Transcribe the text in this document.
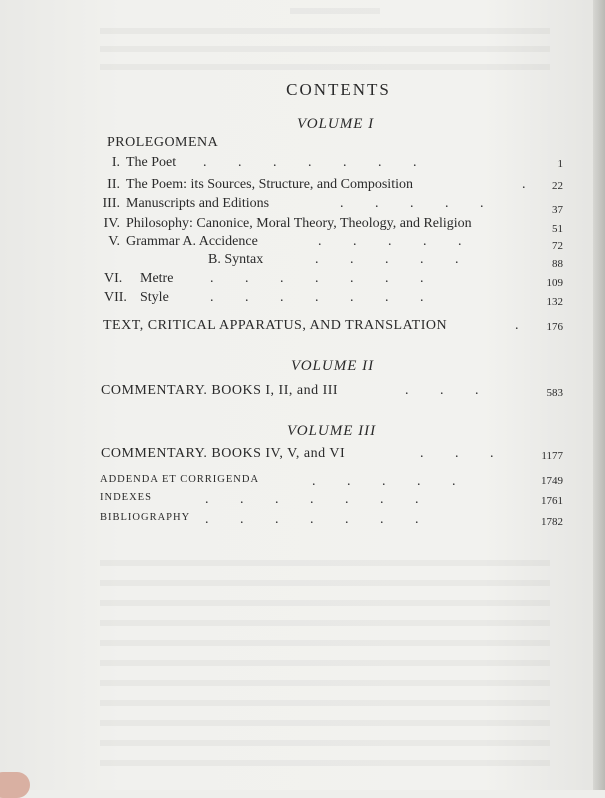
CONTENTS
VOLUME I
PROLEGOMENA
I. The Poet .         .         .         .         .         .         .	1
II. The Poem: its Sources, Structure, and Composition	.	22
III. Manuscripts and Editions	.         .         .         .         .	37
IV. Philosophy: Canonice, Moral Theory, Theology, and Religion	51
V. Grammar A. Accidence	.         .         .         .         .	72
B. Syntax	.         .         .         .         .	88
VI. Metre	.         .         .         .         .         .         .	109
VII. Style	.         .         .         .         .         .         .	132
TEXT, CRITICAL APPARATUS, AND TRANSLATION	.	176
VOLUME II
COMMENTARY. BOOKS I, II, and III	.         .         .	583
VOLUME III
COMMENTARY. BOOKS IV, V, and VI	.         .         .	1177
ADDENDA ET CORRIGENDA	.         .         .         .         .	1749
INDEXES	.         .         .         .         .         .         .	1761
BIBLIOGRAPHY .         .         .         .         .         .         .	1782
